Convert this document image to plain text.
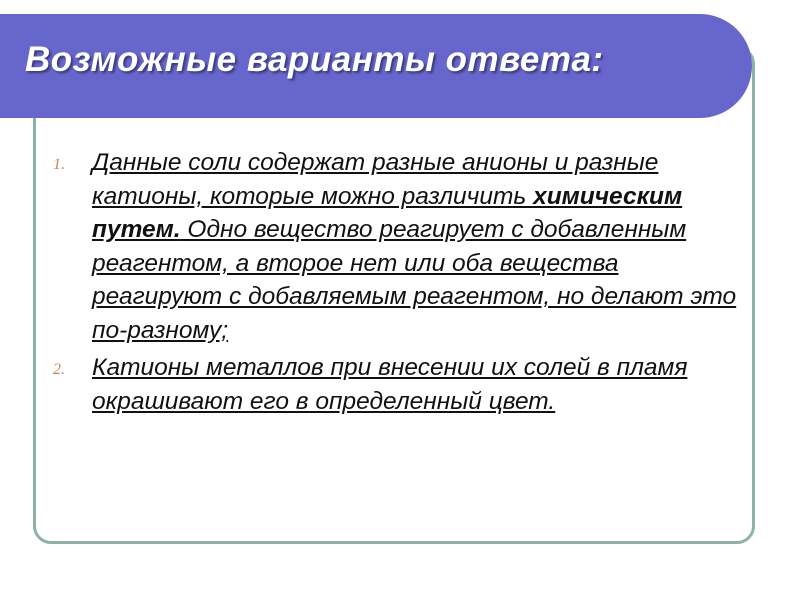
Возможные варианты ответа:
1. Данные соли содержат разные анионы и разные катионы, которые можно различить химическим путем. Одно вещество реагирует с добавленным реагентом, а второе нет или оба вещества реагируют с добавляемым реагентом, но делают это по-разному;
2. Катионы металлов при внесении их солей в пламя окрашивают его в определенный цвет.
